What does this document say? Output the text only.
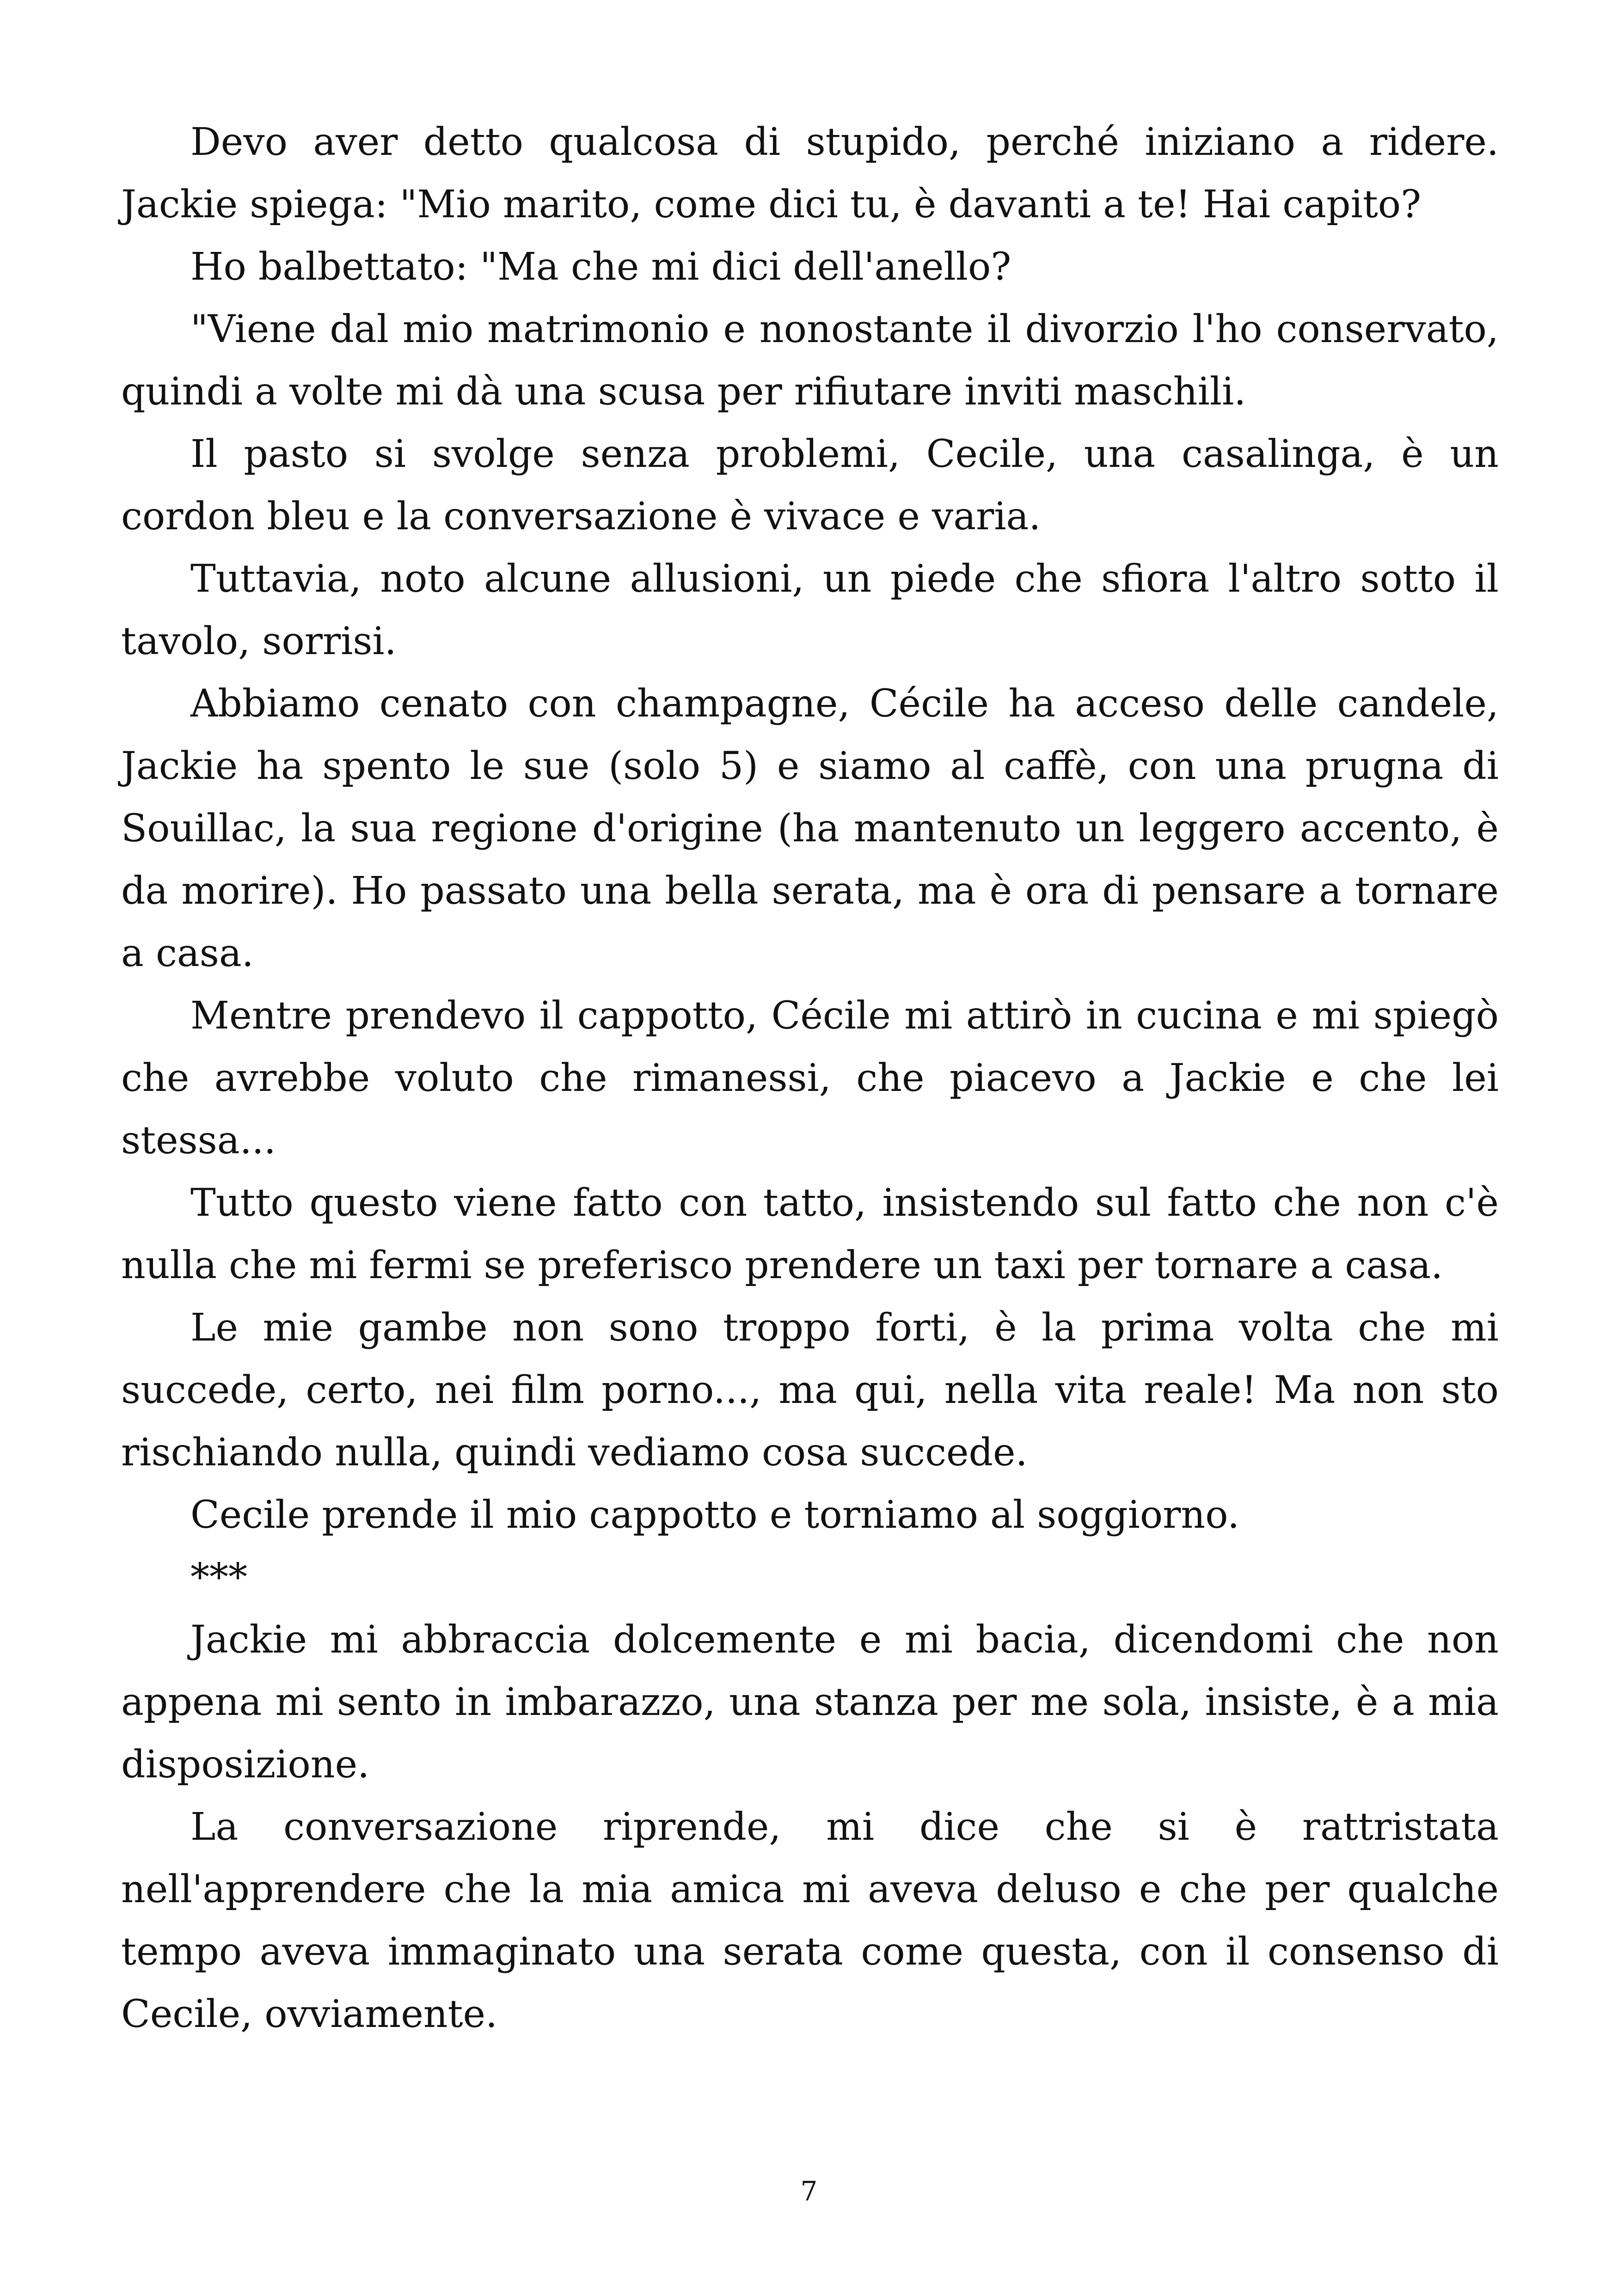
Devo aver detto qualcosa di stupido, perché iniziano a ridere. Jackie spiega: "Mio marito, come dici tu, è davanti a te! Hai capito?

Ho balbettato: "Ma che mi dici dell'anello?

"Viene dal mio matrimonio e nonostante il divorzio l'ho conservato, quindi a volte mi dà una scusa per rifiutare inviti maschili.

Il pasto si svolge senza problemi, Cecile, una casalinga, è un cordon bleu e la conversazione è vivace e varia.

Tuttavia, noto alcune allusioni, un piede che sfiora l'altro sotto il tavolo, sorrisi.

Abbiamo cenato con champagne, Cécile ha acceso delle candele, Jackie ha spento le sue (solo 5) e siamo al caffè, con una prugna di Souillac, la sua regione d'origine (ha mantenuto un leggero accento, è da morire). Ho passato una bella serata, ma è ora di pensare a tornare a casa.

Mentre prendevo il cappotto, Cécile mi attirò in cucina e mi spiegò che avrebbe voluto che rimanessi, che piacevo a Jackie e che lei stessa...

Tutto questo viene fatto con tatto, insistendo sul fatto che non c'è nulla che mi fermi se preferisco prendere un taxi per tornare a casa.

Le mie gambe non sono troppo forti, è la prima volta che mi succede, certo, nei film porno..., ma qui, nella vita reale! Ma non sto rischiando nulla, quindi vediamo cosa succede.

Cecile prende il mio cappotto e torniamo al soggiorno.

***

Jackie mi abbraccia dolcemente e mi bacia, dicendomi che non appena mi sento in imbarazzo, una stanza per me sola, insiste, è a mia disposizione.

La conversazione riprende, mi dice che si è rattristata nell'apprendere che la mia amica mi aveva deluso e che per qualche tempo aveva immaginato una serata come questa, con il consenso di Cecile, ovviamente.

7
